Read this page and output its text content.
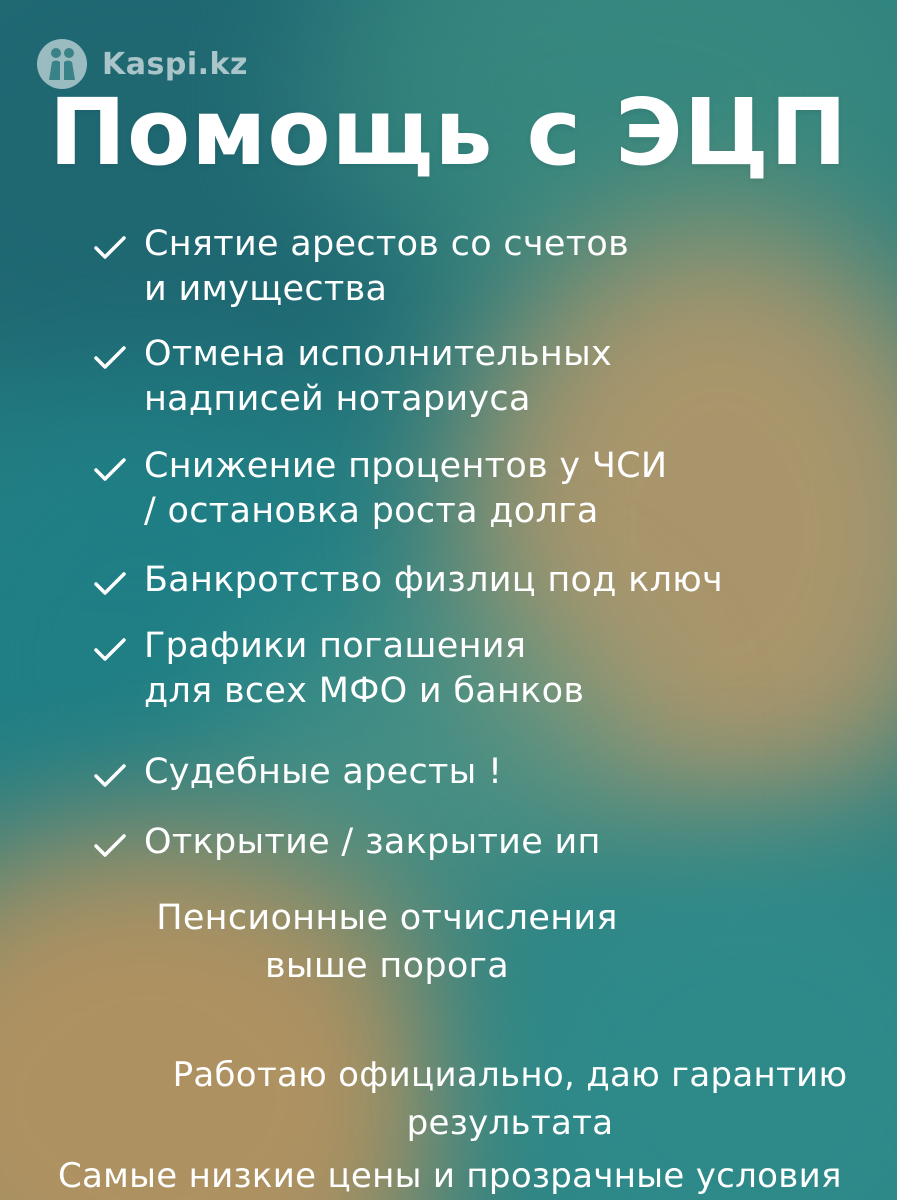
Kaspi.kz
Помощь с ЭЦП
Снятие арестов со счетов
и имущества
Отмена исполнительных
надписей нотариуса
Снижение процентов у ЧСИ
/ остановка роста долга
Банкротство физлиц под ключ
Графики погашения
для всех МФО и банков
Судебные аресты !
Открытие / закрытие ип
Пенсионные отчисления
выше порога
Работаю официально, даю гарантию
результата
Самые низкие цены и прозрачные условия
